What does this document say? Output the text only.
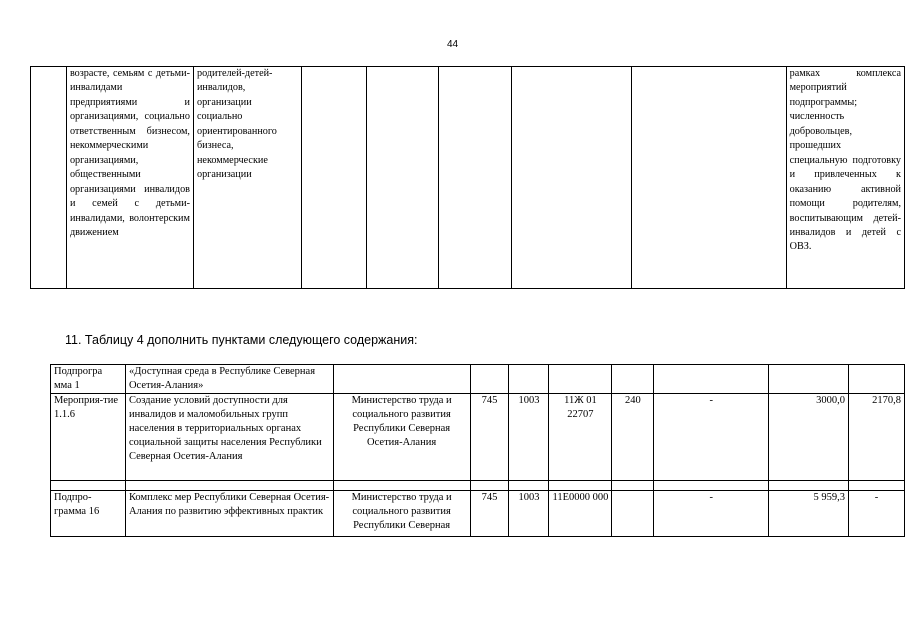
44
	возрасте, семьям с детьми-инвалидами предприятиями и организациями, социально ответственным бизнесом, некоммерческими организациями, общественными организациями инвалидов и семей с детьми-инвалидами, волонтерским движением	родителей-детей-инвалидов, организации социально ориентированного бизнеса, некоммерческие организации						рамках комплекса мероприятий подпрограммы; численность добровольцев, прошедших специальную подготовку и привлеченных к оказанию активной помощи родителям, воспитывающим детей-инвалидов и детей с ОВЗ.
11. Таблицу 4 дополнить пунктами следующего содержания:
Подпрогра мма 1	«Доступная среда в Республике Северная Осетия-Алания»								
Мероприя-тие 1.1.6	Создание условий доступности для инвалидов и маломобильных групп населения в территориальных органах социальной защиты населения Республики Северная Осетия-Алания	Министерство труда и социального развития Республики Северная Осетия-Алания	745	1003	11Ж 01 22707	240	-	3000,0	2170,8

Подпро-грамма 16	Комплекс мер Республики Северная Осетия-Алания по развитию эффективных практик	Министерство труда и социального развития Республики Северная	745	1003	11Е0000 000		-	5 959,3	-
